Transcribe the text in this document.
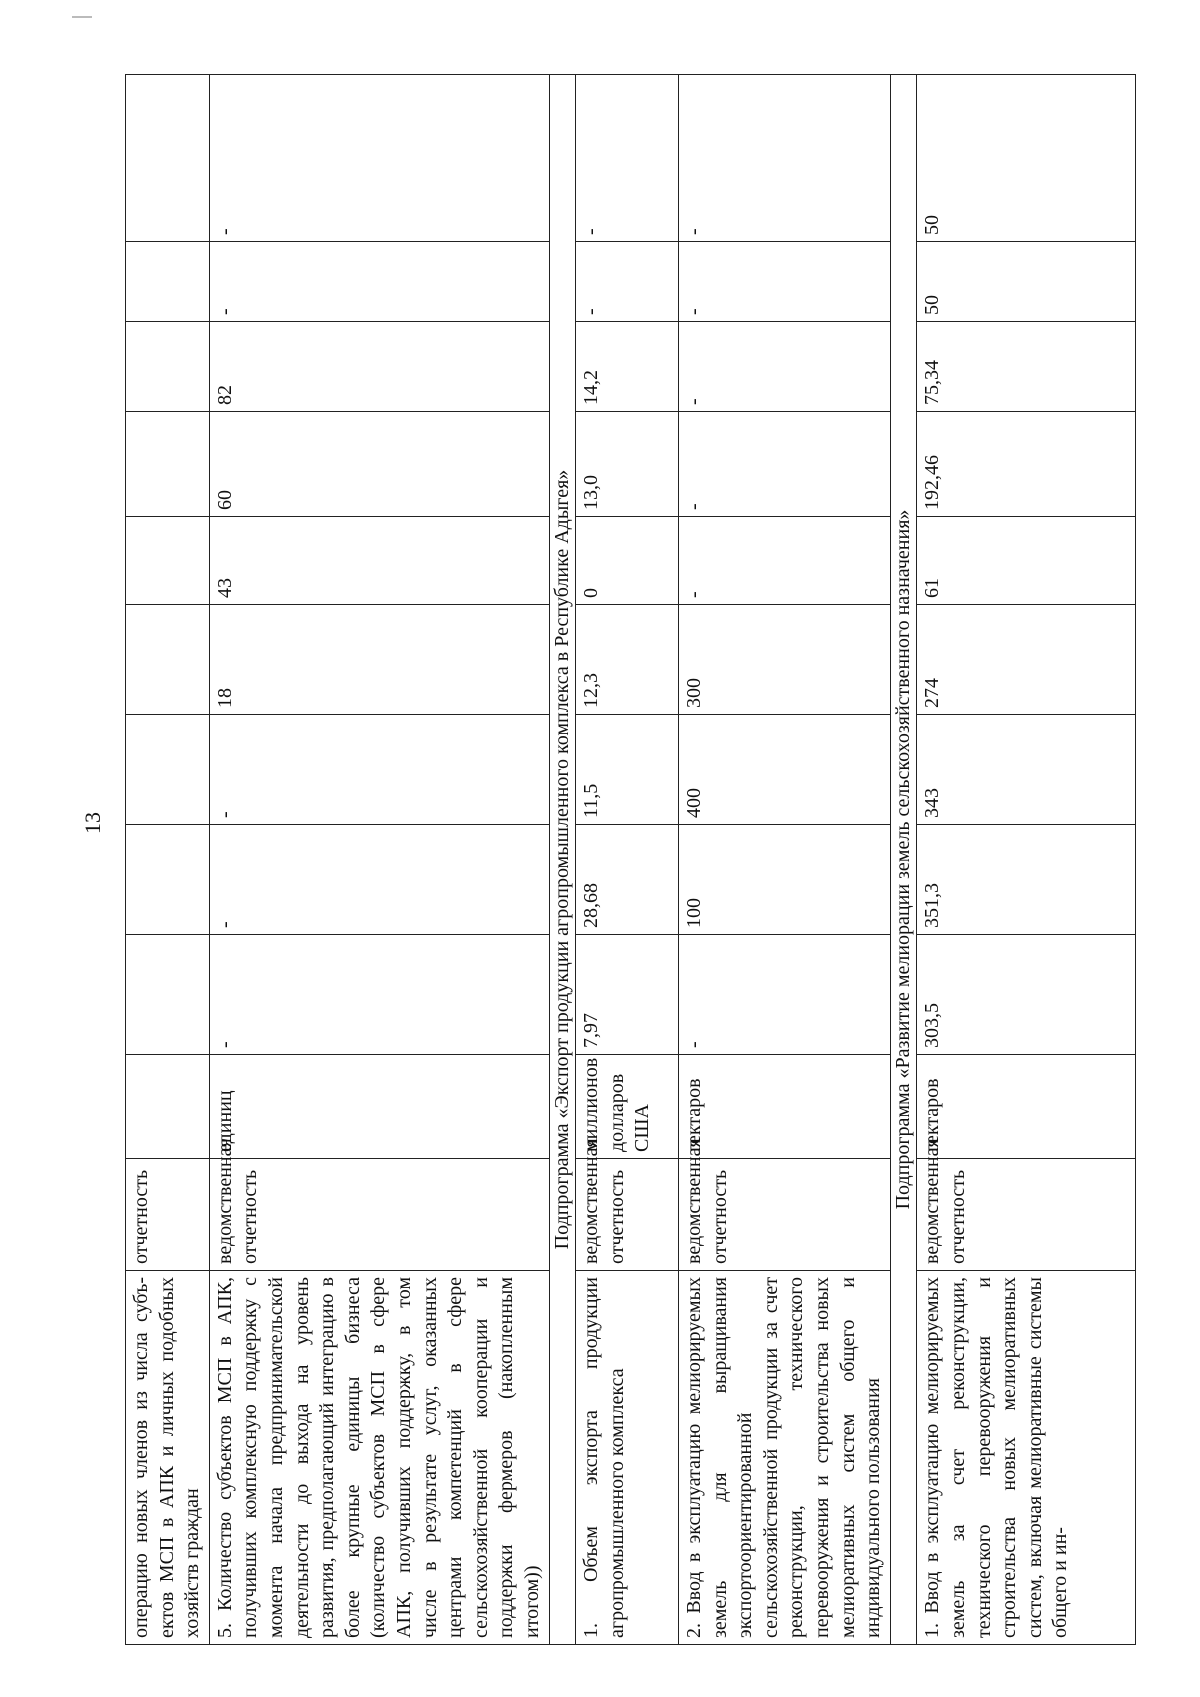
13
операцию новых членов из числа субъ-ектов МСП в АПК и личных подобных хозяйств граждан	отчетность										
5. Количество субъектов МСП в АПК, получивших комплексную поддержку с момента начала предпринимательской деятельности до выхода на уровень развития, предполагающий интеграцию в более крупные единицы бизнеса (количество субъектов МСП в сфере АПК, получивших поддержку, в том числе в результате услуг, оказанных центрами компетенций в сфере сельскохозяйственной кооперации и поддержки фермеров (накопленным итогом))	ведомственная отчетность	единиц	-	-	-	18	43	60	82	-	-
Подпрограмма «Экспорт продукции агропромышленного комплекса в Республике Адыгея»											
1. Объем экспорта продукции агропромышленного комплекса	ведомственная отчетность	миллионов долларов США	7,97	28,68	11,5	12,3	0	13,0	14,2	-	-
2. Ввод в эксплуатацию мелиорируемых земель для выращивания экспортоориентированной сельскохозяйственной продукции за счет реконструкции, технического перевооружения и строительства новых мелиоративных систем общего и индивидуального пользования	ведомственная отчетность	гектаров	-	100	400	300	-	-	-	-	-
Подпрограмма «Развитие мелиорации земель сельскохозяйственного назначения»											
1. Ввод в эксплуатацию мелиорируемых земель за счет реконструкции, технического перевооружения и строительства новых мелиоративных систем, включая мелиоративные системы общего и ин-	ведомственная отчетность	гектаров	303,5	351,3	343	274	61	192,46	75,34	50	50
